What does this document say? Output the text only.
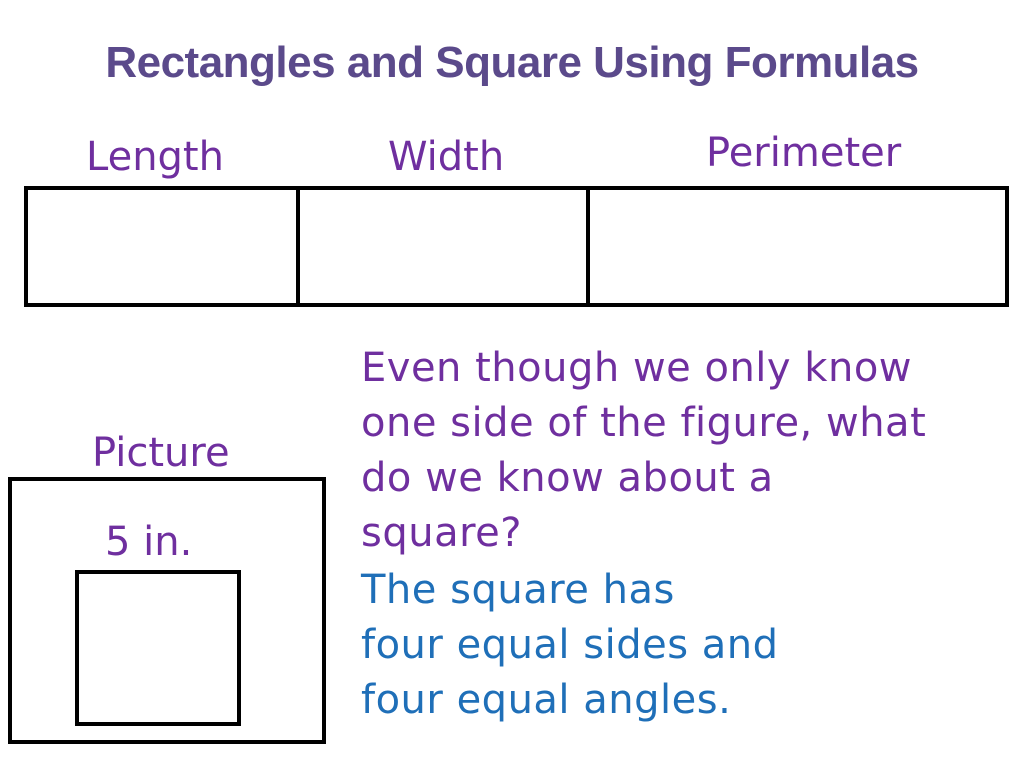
Rectangles and Square Using Formulas
Length	Width	Perimeter
Picture
5 in.
Even though we only know
one side of the figure, what
do we know about a
square?
The square has
four equal sides and
four equal angles.
